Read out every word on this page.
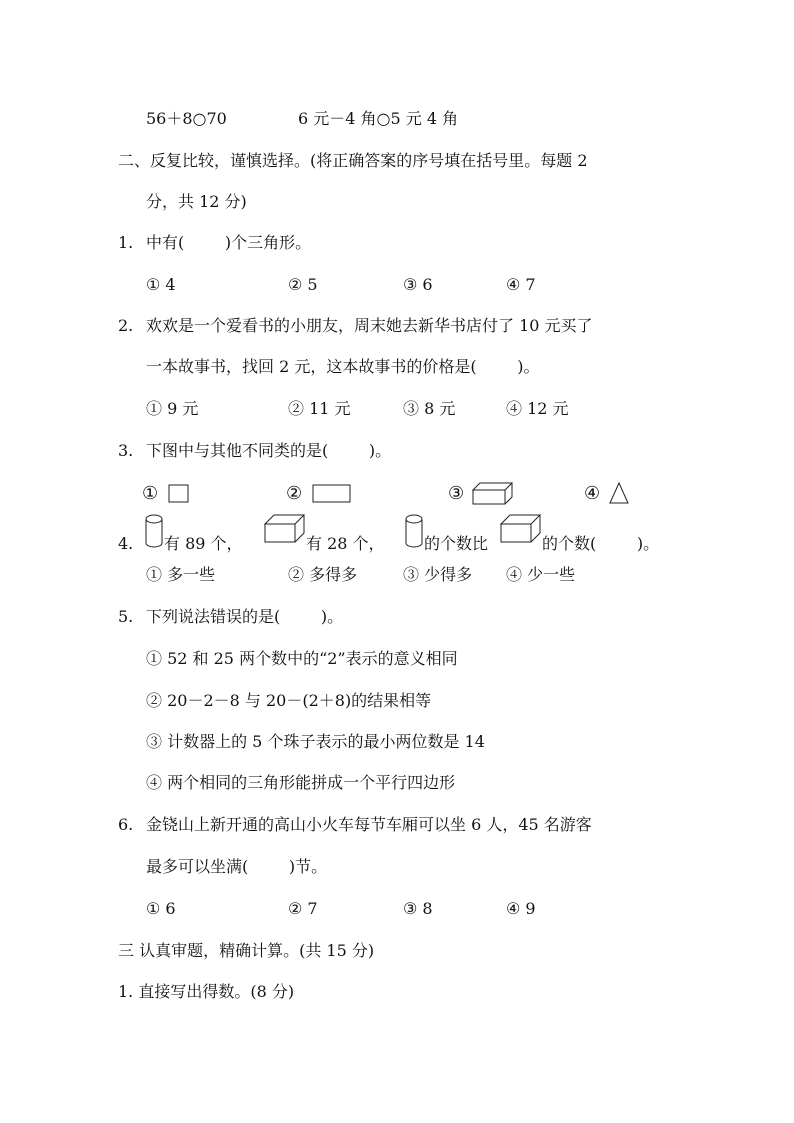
56＋8○70	6 元－4 角○5 元 4 角
二、反复比较，谨慎选择。(将正确答案的序号填在括号里。每题 2
分，共 12 分)
1. 中有(        )个三角形。
① 4	② 5	③ 6	④ 7
2. 欢欢是一个爱看书的小朋友，周末她去新华书店付了 10 元买了
一本故事书，找回 2 元，这本故事书的价格是(        )。
① 9 元	② 11 元	③ 8 元	④ 12 元
3. 下图中与其他不同类的是(        )。
①	②	③	④
4. 有 89 个，	有 28 个， 的个数比	的个数(        )。
① 多一些	② 多得多	③ 少得多 ④ 少一些
5. 下列说法错误的是(        )。
① 52 和 25 两个数中的“2”表示的意义相同
② 20－2－8 与 20－(2＋8)的结果相等
③ 计数器上的 5 个珠子表示的最小两位数是 14
④ 两个相同的三角形能拼成一个平行四边形
6. 金铙山上新开通的高山小火车每节车厢可以坐 6 人，45 名游客
最多可以坐满(        )节。
① 6	② 7	③ 8	④ 9
三 认真审题，精确计算。(共 15 分)
1. 直接写出得数。(8 分)
